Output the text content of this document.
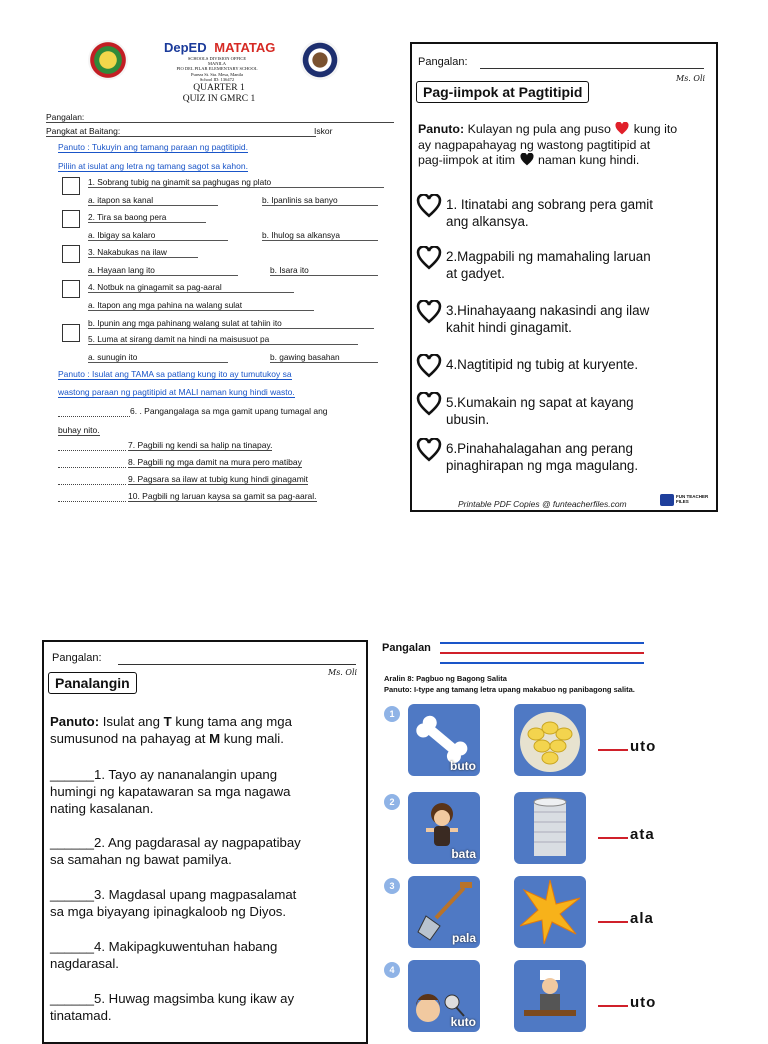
DepED MATATAG
SCHOOLS DIVISION OFFICE
MANILA
PIO DEL PILAR ELEMENTARY SCHOOL
Pureza St. Sta. Mesa, Manila
School ID: 136472
QUARTER 1
QUIZ IN GMRC 1
Pangalan:
Pangkat at Baitang:	Iskor
Panuto : Tukuyin ang tamang paraan ng pagtitipid.
Piliin at isulat ang letra ng tamang sagot sa kahon.
1. Sobrang tubig na ginamit sa paghugas ng plato
a. itapon sa kanal	b. Ipanlinis sa banyo
2. Tira sa baong pera
a. Ibigay sa kalaro	b. Ihulog sa alkansya
3. Nakabukas na ilaw
a. Hayaan lang ito	b. Isara ito
4. Notbuk na ginagamit sa pag-aaral
a. Itapon ang mga pahina na walang sulat
b. Ipunin ang mga pahinang walang sulat at tahiin ito
5. Luma at sirang damit na hindi na maisusuot pa
a. sunugin ito	b. gawing basahan
Panuto : Isulat ang TAMA sa patlang kung ito ay tumutukoy sa
wastong paraan ng pagtitipid at MALI naman kung hindi wasto.
6. . Pangangalaga sa mga gamit upang tumagal ang
buhay nito.
7. Pagbili ng kendi sa halip na tinapay.
8. Pagbili ng mga damit na mura pero matibay
9. Pagsara sa ilaw at tubig kung hindi ginagamit
10. Pagbili ng laruan kaysa sa gamit sa pag-aaral.
Pangalan:
Ms. Oli
Pag-iimpok at Pagtitipid
Panuto: Kulayan ng pula ang puso kung ito
ay nagpapahayag ng wastong pagtitipid at
pag-iimpok at itim naman kung hindi.
1. Itinatabi ang sobrang pera gamit
ang alkansya.
2.Magpabili ng mamahaling laruan
at gadyet.
3.Hinahayaang nakasindi ang ilaw
kahit hindi ginagamit.
4.Nagtitipid ng tubig at kuryente.
5.Kumakain ng sapat at kayang
ubusin.
6.Pinahahalagahan ang perang
pinaghirapan ng mga magulang.
Printable PDF Copies @ funteacherfiles.com
FUN TEACHER FILES
Pangalan:
Ms. Oli
Panalangin
Panuto: Isulat ang T kung tama ang mga
sumusunod na pahayag at M kung mali.
______1. Tayo ay nananalangin upang
humingi ng kapatawaran sa mga nagawa
nating kasalanan.
______2. Ang pagdarasal ay nagpapatibay
sa samahan ng bawat pamilya.
______3. Magdasal upang magpasalamat
sa mga biyayang ipinagkaloob ng Diyos.
______4. Makipagkuwentuhan habang
nagdarasal.
______5. Huwag magsimba kung ikaw ay
tinatamad.
Pangalan
Aralin 8: Pagbuo ng Bagong Salita
Panuto: I-type ang tamang letra upang makabuo ng panibagong salita.
1
buto
uto
2
bata
ata
3
pala
ala
4
kuto
uto
